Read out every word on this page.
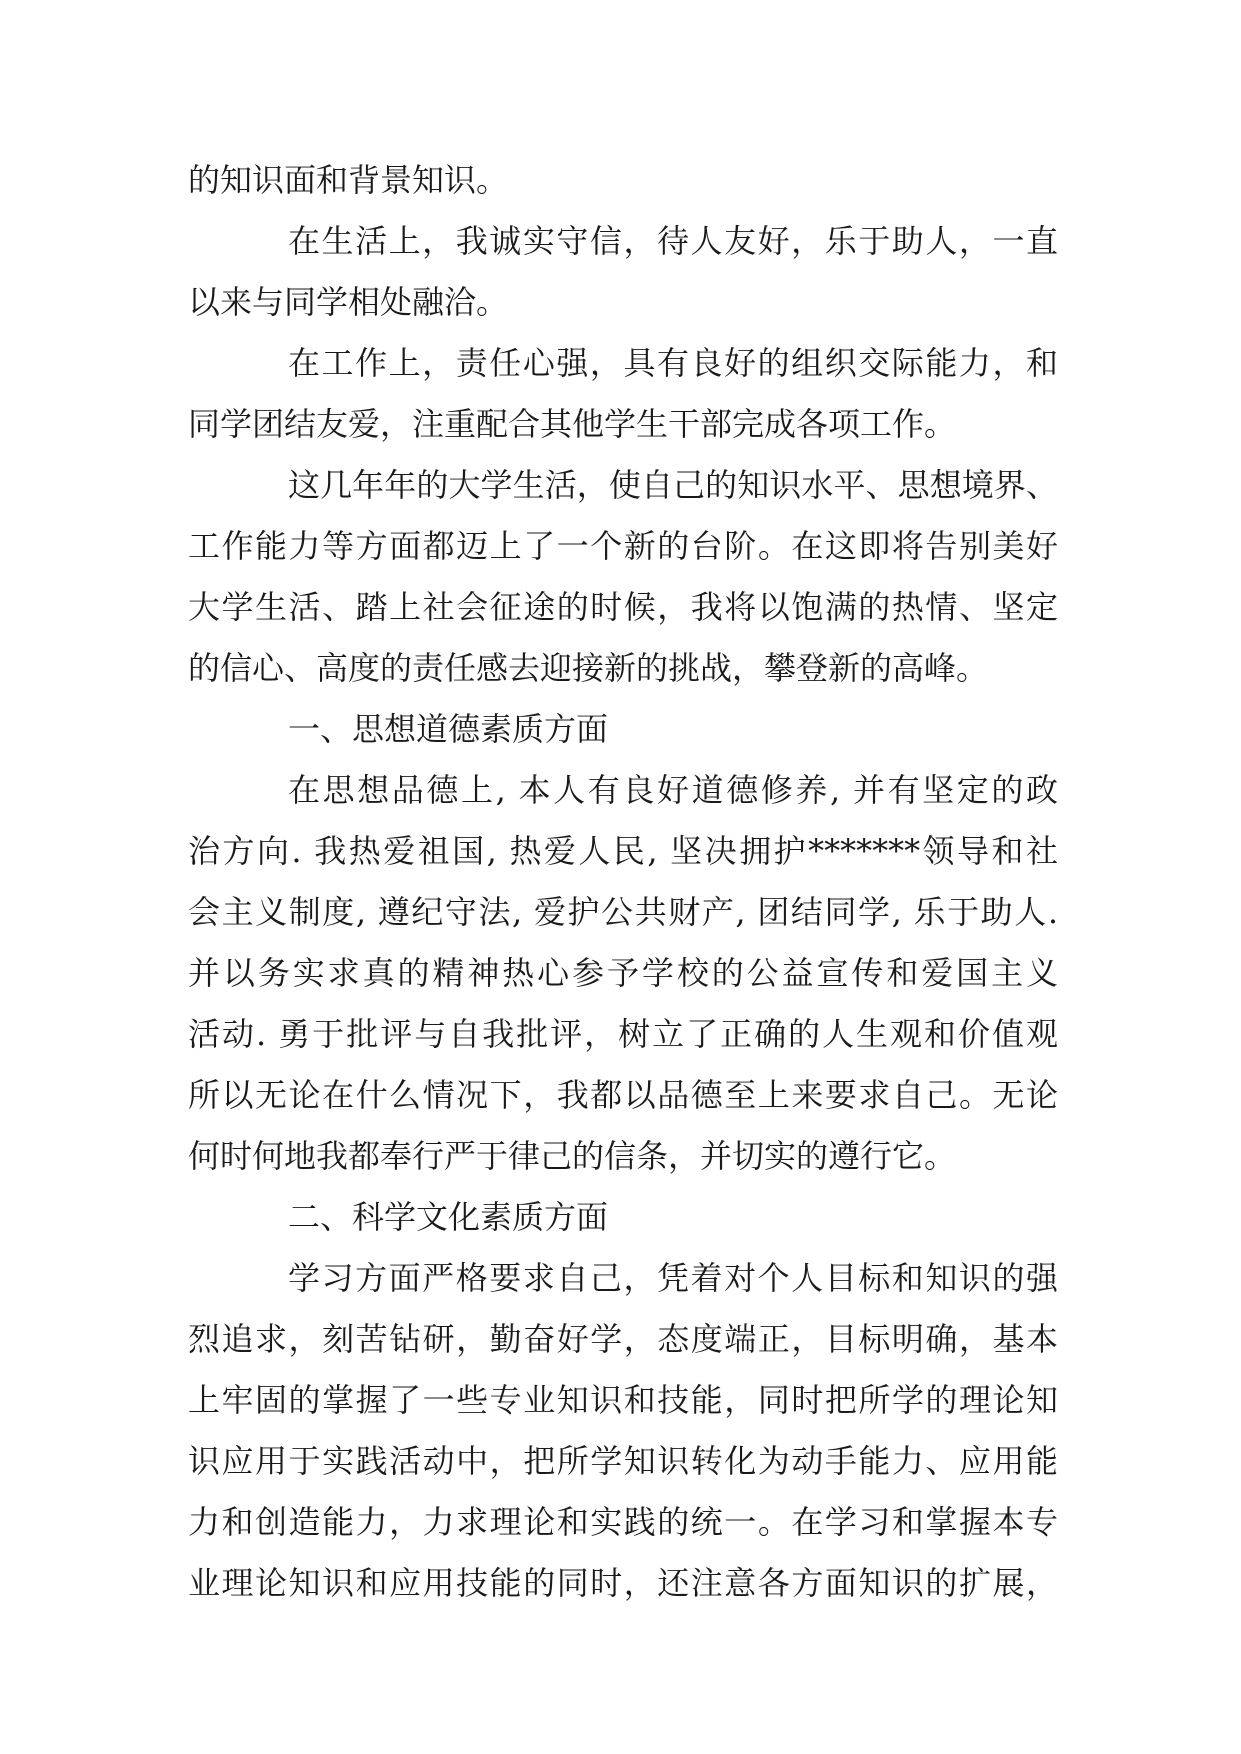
的知识面和背景知识。
在生活上，我诚实守信，待人友好，乐于助人，一直
以来与同学相处融洽。
在工作上，责任心强，具有良好的组织交际能力，和
同学团结友爱，注重配合其他学生干部完成各项工作。
这几年年的大学生活，使自己的知识水平、思想境界、
工作能力等方面都迈上了一个新的台阶。在这即将告别美好
大学生活、踏上社会征途的时候，我将以饱满的热情、坚定
的信心、高度的责任感去迎接新的挑战，攀登新的高峰。
一、思想道德素质方面
在思想品德上, 本人有良好道德修养, 并有坚定的政
治方向. 我热爱祖国, 热爱人民, 坚决拥护*******领导和社
会主义制度, 遵纪守法, 爱护公共财产, 团结同学, 乐于助人.
并以务实求真的精神热心参予学校的公益宣传和爱国主义
活动. 勇于批评与自我批评，树立了正确的人生观和价值观
所以无论在什么情况下，我都以品德至上来要求自己。无论
何时何地我都奉行严于律己的信条，并切实的遵行它。
二、科学文化素质方面
学习方面严格要求自己，凭着对个人目标和知识的强
烈追求，刻苦钻研，勤奋好学，态度端正，目标明确，基本
上牢固的掌握了一些专业知识和技能，同时把所学的理论知
识应用于实践活动中，把所学知识转化为动手能力、应用能
力和创造能力，力求理论和实践的统一。在学习和掌握本专
业理论知识和应用技能的同时，还注意各方面知识的扩展，
